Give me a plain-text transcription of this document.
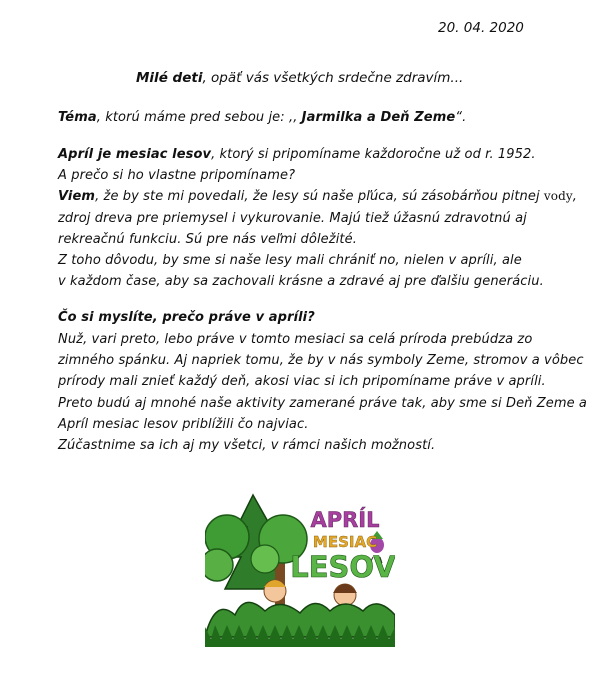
20. 04. 2020
Milé deti, opäť vás všetkých srdečne zdravím...
Téma, ktorú máme pred sebou je: ,, Jarmilka a Deň Zeme“.
Apríl je mesiac lesov, ktorý si pripomíname každoročne už od r. 1952.
A prečo si ho vlastne pripomíname?
Viem, že by ste mi povedali, že lesy sú naše pľúca, sú zásobárňou pitnej vody,
zdroj dreva pre priemysel i vykurovanie. Majú tiež úžasnú zdravotnú aj
rekreačnú funkciu. Sú pre nás veľmi dôležité.
Z toho dôvodu, by sme si naše lesy mali chrániť no, nielen v apríli, ale
v každom čase, aby sa zachovali krásne a zdravé aj pre ďalšiu generáciu.
Čo si myslíte, prečo práve v apríli?
Nuž, vari preto, lebo práve v tomto mesiaci sa celá príroda prebúdza zo
zimného spánku. Aj napriek tomu, že by v nás symboly Zeme, stromov a vôbec
prírody mali znieť každý deň, akosi viac si ich pripomíname práve v apríli.
Preto budú aj mnohé naše aktivity zamerané práve tak, aby sme si Deň Zeme a
Apríl mesiac lesov priblížili čo najviac.
Zúčastnime sa ich aj my všetci, v rámci našich možností.
APRÍL
MESIAC
LESOV
